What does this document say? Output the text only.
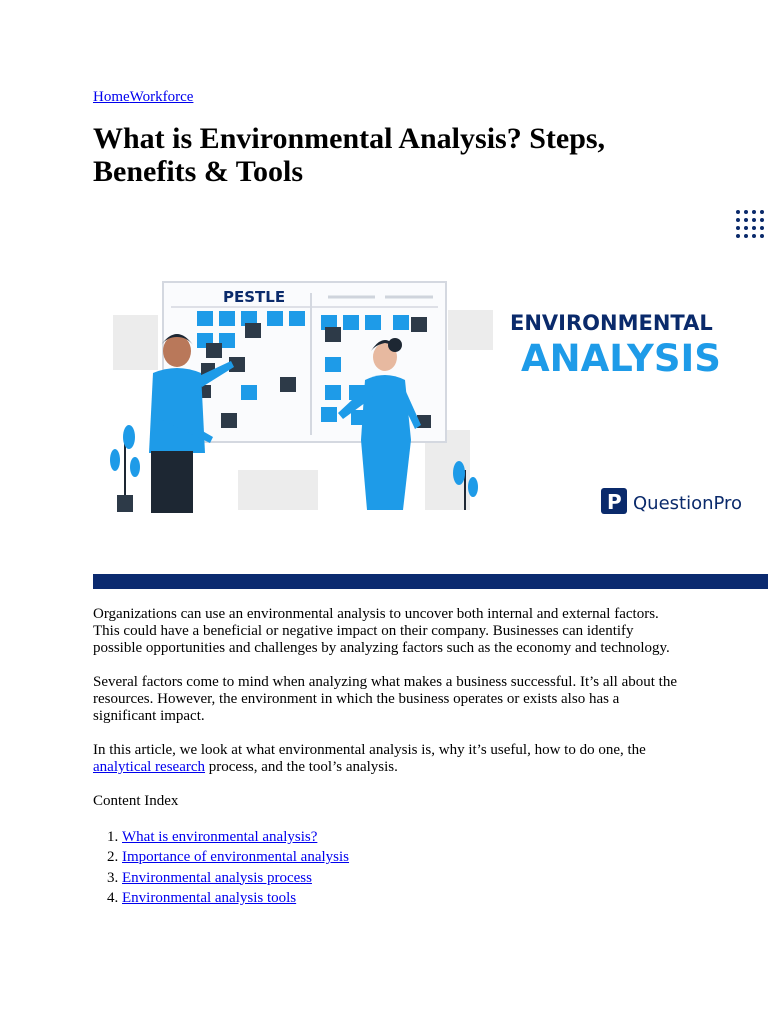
HomeWorkforce
What is Environmental Analysis? Steps, Benefits & Tools
PESTLE
ENVIRONMENTAL
ANALYSIS
P QuestionPro

Organizations can use an environmental analysis to uncover both internal and external factors. This could have a beneficial or negative impact on their company. Businesses can identify possible opportunities and challenges by analyzing factors such as the economy and technology.

Several factors come to mind when analyzing what makes a business successful. It’s all about the resources. However, the environment in which the business operates or exists also has a significant impact.

In this article, we look at what environmental analysis is, why it’s useful, how to do one, the analytical research process, and the tool’s analysis.

Content Index

1. What is environmental analysis?
2. Importance of environmental analysis
3. Environmental analysis process
4. Environmental analysis tools
